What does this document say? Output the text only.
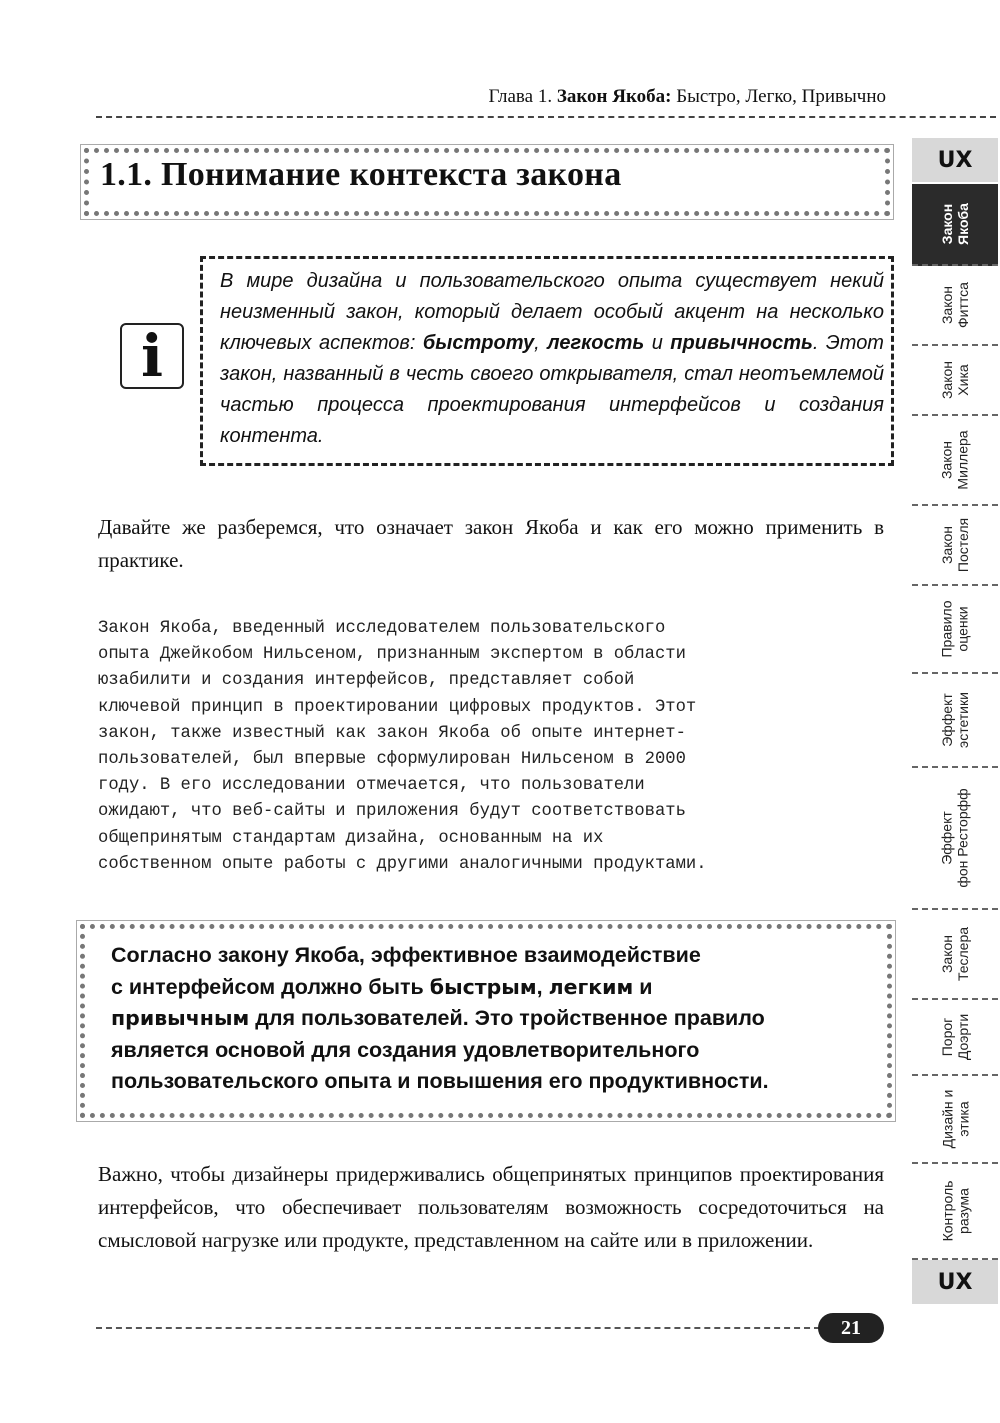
Глава 1. Закон Якоба: Быстро, Легко, Привычно
1.1. Понимание контекста закона
i
В мире дизайна и пользовательского опыта существует некий неизменный закон, который делает особый акцент на несколько ключевых аспектов: быстроту, легкость и привычность. Этот закон, названный в честь своего открывателя, стал неотъемлемой частью процесса проектирования интерфейсов и создания контента.
Давайте же разберемся, что означает закон Якоба и как его можно применить в практике.
Закон Якоба, введенный исследователем пользовательского
опыта Джейкобом Нильсеном, признанным экспертом в области
юзабилити и создания интерфейсов, представляет собой
ключевой принцип в проектировании цифровых продуктов. Этот
закон, также известный как закон Якоба об опыте интернет-
пользователей, был впервые сформулирован Нильсеном в 2000
году. В его исследовании отмечается, что пользователи
ожидают, что веб-сайты и приложения будут соответствовать
общепринятым стандартам дизайна, основанным на их
собственном опыте работы с другими аналогичными продуктами.
Согласно закону Якоба, эффективное взаимодействие
с интерфейсом должно быть быстрым, легким и
привычным для пользователей. Это тройственное правило
является основой для создания удовлетворительного
пользовательского опыта и повышения его продуктивности.
Важно, чтобы дизайнеры придерживались общепринятых принципов проектирования интерфейсов, что обеспечивает пользователям возможность сосредоточиться на смысловой нагрузке или продукте, представленном на сайте или в приложении.
21
UX
Закон Якоба
Закон Фиттса
Закон Хика
Закон Миллера
Закон Постеля
Правило оценки
Эффект эстетики
Эффект фон Ресторфф
Закон Теслера
Порог Доэрти
Дизайн и этика
Контроль разума
UX
